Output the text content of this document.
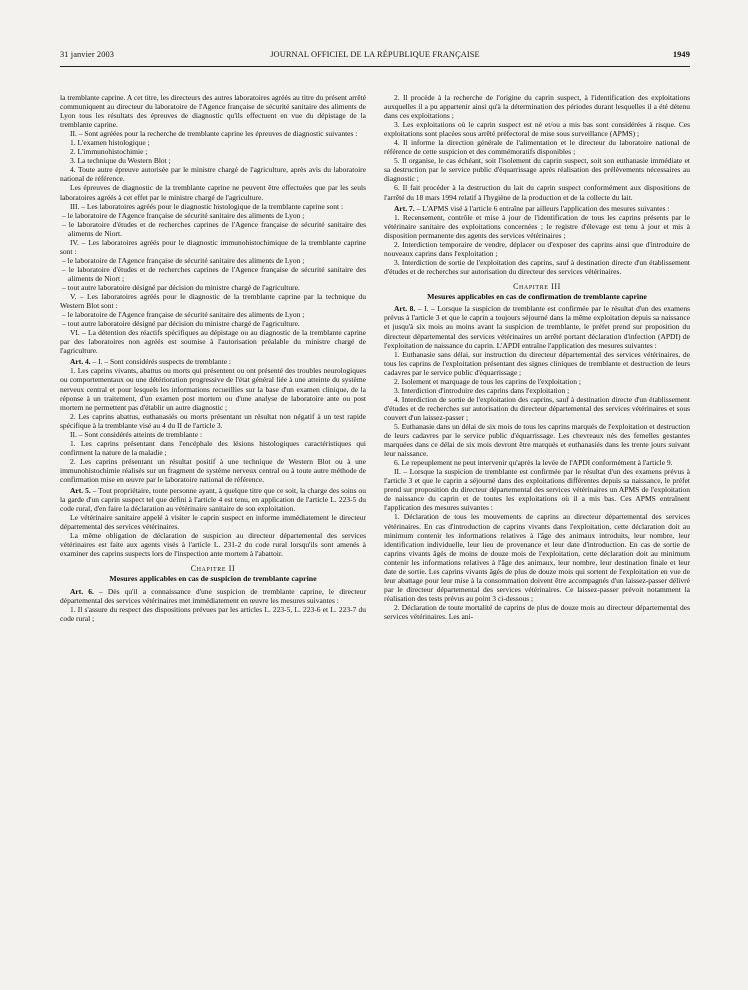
31 janvier 2003	JOURNAL OFFICIEL DE LA RÉPUBLIQUE FRANÇAISE	1949

la tremblante caprine. A cet titre, les directeurs des autres laboratoires agréés au titre du présent arrêté communiquent au directeur du laboratoire de l'Agence française de sécurité sanitaire des aliments de Lyon tous les résultats des épreuves de diagnostic qu'ils effectuent en vue du dépistage de la tremblante caprine.

II. – Sont agréées pour la recherche de tremblante caprine les épreuves de diagnostic suivantes :

1. L'examen histologique ;

2. L'immunohistochimie ;

3. La technique du Western Blot ;

4. Toute autre épreuve autorisée par le ministre chargé de l'agriculture, après avis du laboratoire national de référence.

Les épreuves de diagnostic de la tremblante caprine ne peuvent être effectuées que par les seuls laboratoires agréés à cet effet par le ministre chargé de l'agriculture.

III. – Les laboratoires agréés pour le diagnostic histologique de la tremblante caprine sont :

– le laboratoire de l'Agence française de sécurité sanitaire des aliments de Lyon ;

– le laboratoire d'études et de recherches caprines de l'Agence française de sécurité sanitaire des aliments de Niort.

IV. – Les laboratoires agréés pour le diagnostic immunohistochimique de la tremblante caprine sont :

– le laboratoire de l'Agence française de sécurité sanitaire des aliments de Lyon ;

– le laboratoire d'études et de recherches caprines de l'Agence française de sécurité sanitaire des aliments de Niort ;

– tout autre laboratoire désigné par décision du ministre chargé de l'agriculture.

V. – Les laboratoires agréés pour le diagnostic de la tremblante caprine par la technique du Western Blot sont :

– le laboratoire de l'Agence française de sécurité sanitaire des aliments de Lyon ;

– tout autre laboratoire désigné par décision du ministre chargé de l'agriculture.

VI. – La détention des réactifs spécifiques au dépistage ou au diagnostic de la tremblante caprine par des laboratoires non agréés est soumise à l'autorisation préalable du ministre chargé de l'agriculture.

Art. 4. – I. – Sont considérés suspects de tremblante :

1. Les caprins vivants, abattus ou morts qui présentent ou ont présenté des troubles neurologiques ou comportementaux ou une détérioration progressive de l'état général liée à une atteinte du système nerveux central et pour lesquels les informations recueillies sur la base d'un examen clinique, de la réponse à un traitement, d'un examen post mortem ou d'une analyse de laboratoire ante ou post mortem ne permettent pas d'établir un autre diagnostic ;

2. Les caprins abattus, euthanasiés ou morts présentant un résultat non négatif à un test rapide spécifique à la tremblante visé au 4 du II de l'article 3.

II. – Sont considérés atteints de tremblante :

1. Les caprins présentant dans l'encéphale des lésions histologiques caractéristiques qui confirment la nature de la maladie ;

2. Les caprins présentant un résultat positif à une technique de Western Blot ou à une immunohistochimie réalisés sur un fragment de système nerveux central ou à toute autre méthode de confirmation mise en œuvre par le laboratoire national de référence.

Art. 5. – Tout propriétaire, toute personne ayant, à quelque titre que ce soit, la charge des soins ou la garde d'un caprin suspect tel que défini à l'article 4 est tenu, en application de l'article L. 223-5 du code rural, d'en faire la déclaration au vétérinaire sanitaire de son exploitation.

Le vétérinaire sanitaire appelé à visiter le caprin suspect en informe immédiatement le directeur départemental des services vétérinaires.

La même obligation de déclaration de suspicion au directeur départemental des services vétérinaires est faite aux agents visés à l'article L. 231-2 du code rural lorsqu'ils sont amenés à examiner des caprins suspects lors de l'inspection ante mortem à l'abattoir.

Chapitre II
Mesures applicables en cas de suspicion de tremblante caprine

Art. 6. – Dès qu'il a connaissance d'une suspicion de tremblante caprine, le directeur départemental des services vétérinaires met immédiatement en œuvre les mesures suivantes :

1. Il s'assure du respect des dispositions prévues par les articles L. 223-5, L. 223-6 et L. 223-7 du code rural ;

2. Il procède à la recherche de l'origine du caprin suspect, à l'identification des exploitations auxquelles il a pu appartenir ainsi qu'à la détermination des périodes durant lesquelles il a été détenu dans ces exploitations ;

3. Les exploitations où le caprin suspect est né et/ou a mis bas sont considérées à risque. Ces exploitations sont placées sous arrêté préfectoral de mise sous surveillance (APMS) ;

4. Il informe la direction générale de l'alimentation et le directeur du laboratoire national de référence de cette suspicion et des commémoratifs disponibles ;

5. Il organise, le cas échéant, soit l'isolement du caprin suspect, soit son euthanasie immédiate et sa destruction par le service public d'équarrissage après réalisation des prélèvements nécessaires au diagnostic ;

6. Il fait procéder à la destruction du lait du caprin suspect conformément aux dispositions de l'arrêté du 18 mars 1994 relatif à l'hygiène de la production et de la collecte du lait.

Art. 7. – L'APMS visé à l'article 6 entraîne par ailleurs l'application des mesures suivantes :

1. Recensement, contrôle et mise à jour de l'identification de tous les caprins présents par le vétérinaire sanitaire des exploitations concernées ; le registre d'élevage est tenu à jour et mis à disposition permanente des agents des services vétérinaires ;

2. Interdiction temporaire de vendre, déplacer ou d'exposer des caprins ainsi que d'introduire de nouveaux caprins dans l'exploitation ;

3. Interdiction de sortie de l'exploitation des caprins, sauf à destination directe d'un établissement d'études et de recherches sur autorisation du directeur des services vétérinaires.

Chapitre III
Mesures applicables en cas de confirmation de tremblante caprine

Art. 8. – I. – Lorsque la suspicion de tremblante est confirmée par le résultat d'un des examens prévus à l'article 3 et que le caprin a toujours séjourné dans la même exploitation depuis sa naissance et jusqu'à six mois au moins avant la suspicion de tremblante, le préfet prend sur proposition du directeur départemental des services vétérinaires un arrêté portant déclaration d'infection (APDI) de l'exploitation de naissance du caprin. L'APDI entraîne l'application des mesures suivantes :

1. Euthanasie sans délai, sur instruction du directeur départemental des services vétérinaires, de tous les caprins de l'exploitation présentant des signes cliniques de tremblante et destruction de leurs cadavres par le service public d'équarrissage ;

2. Isolement et marquage de tous les caprins de l'exploitation ;

3. Interdiction d'introduire des caprins dans l'exploitation ;

4. Interdiction de sortie de l'exploitation des caprins, sauf à destination directe d'un établissement d'études et de recherches sur autorisation du directeur départemental des services vétérinaires et sous couvert d'un laissez-passer ;

5. Euthanasie dans un délai de six mois de tous les caprins marqués de l'exploitation et destruction de leurs cadavres par le service public d'équarrissage. Les chevreaux nés des femelles gestantes marquées dans ce délai de six mois devront être marqués et euthanasiés dans les trente jours suivant leur naissance.

6. Le repeuplement ne peut intervenir qu'après la levée de l'APDI conformément à l'article 9.

II. – Lorsque la suspicion de tremblante est confirmée par le résultat d'un des examens prévus à l'article 3 et que le caprin a séjourné dans des exploitations différentes depuis sa naissance, le préfet prend sur proposition du directeur départemental des services vétérinaires un APMS de l'exploitation de naissance du caprin et de toutes les exploitations où il a mis bas. Ces APMS entraînent l'application des mesures suivantes :

1. Déclaration de tous les mouvements de caprins au directeur départemental des services vétérinaires. En cas d'introduction de caprins vivants dans l'exploitation, cette déclaration doit au minimum contenir les informations relatives à l'âge des animaux introduits, leur nombre, leur identification individuelle, leur lieu de provenance et leur date d'introduction. En cas de sortie de caprins vivants âgés de moins de douze mois de l'exploitation, cette déclaration doit au minimum contenir les informations relatives à l'âge des animaux, leur nombre, leur destination finale et leur date de sortie. Les caprins vivants âgés de plus de douze mois qui sortent de l'exploitation en vue de leur abattage pour leur mise à la consommation doivent être accompagnés d'un laissez-passer délivré par le directeur départemental des services vétérinaires. Ce laissez-passer prévoit notamment la réalisation des tests prévus au point 3 ci-dessous ;

2. Déclaration de toute mortalité de caprins de plus de douze mois au directeur départemental des services vétérinaires. Les ani-
